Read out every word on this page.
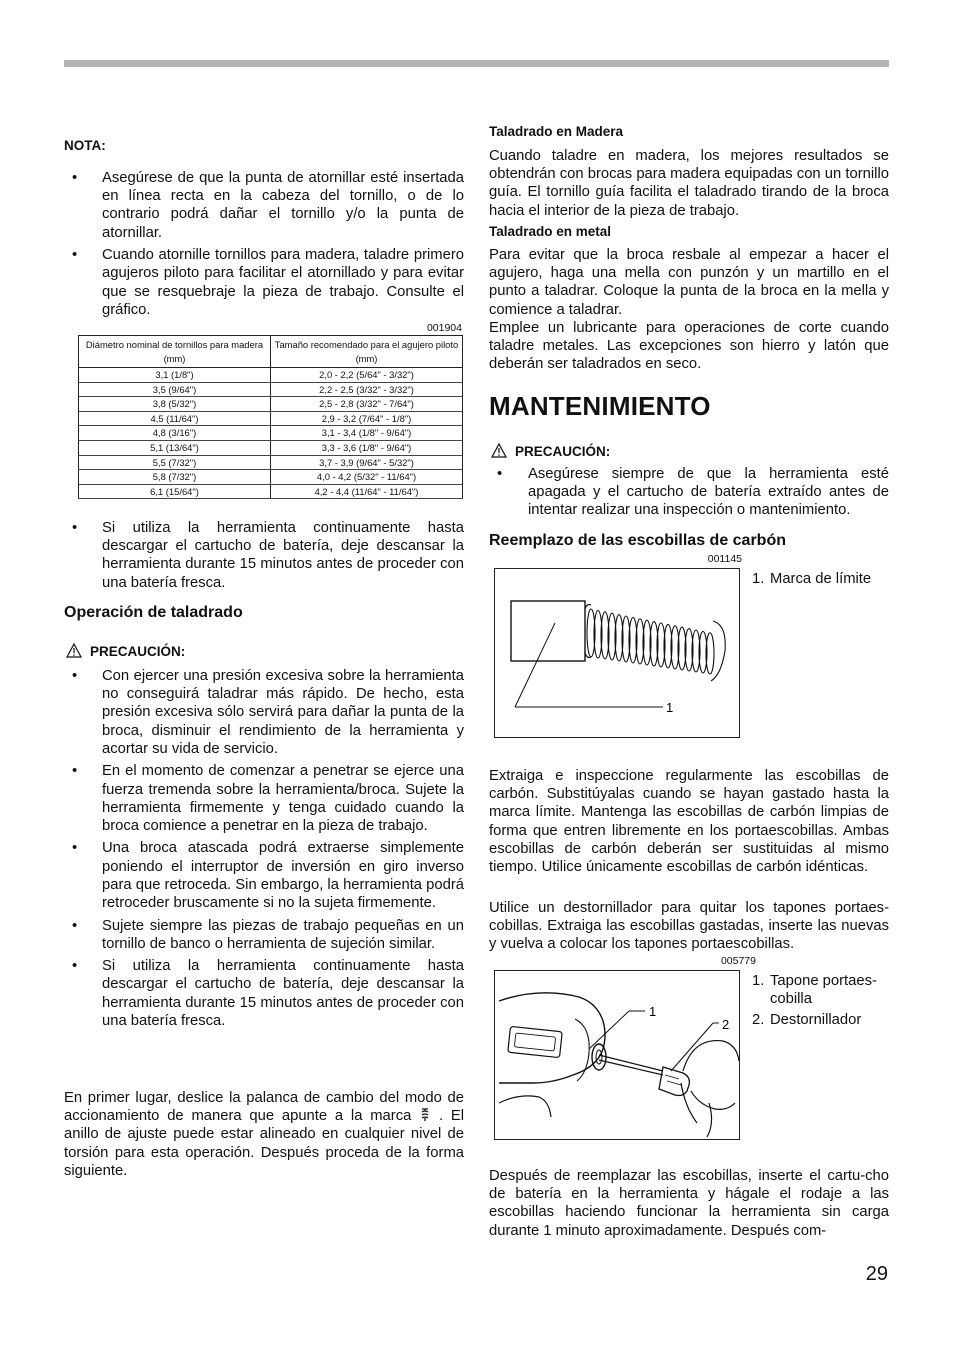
NOTA:
• Asegúrese de que la punta de atornillar esté insertada en línea recta en la cabeza del tornillo, o de lo contrario podrá dañar el tornillo y/o la punta de atornillar.
• Cuando atornille tornillos para madera, taladre primero agujeros piloto para facilitar el atornillado y para evitar que se resquebraje la pieza de trabajo. Consulte el gráfico.
001904
Diámetro nominal de tornillos para madera (mm)	Tamaño recomendado para el agujero piloto (mm)
3,1 (1/8")	2,0 - 2,2 (5/64" - 3/32")
3,5 (9/64")	2,2 - 2,5 (3/32" - 3/32")
3,8 (5/32")	2,5 - 2,8 (3/32" - 7/64")
4,5 (11/64")	2,9 - 3,2 (7/64" - 1/8")
4,8 (3/16")	3,1 - 3,4 (1/8" - 9/64")
5,1 (13/64")	3,3 - 3,6 (1/8" - 9/64")
5,5 (7/32")	3,7 - 3,9 (9/64" - 5/32")
5,8 (7/32")	4,0 - 4,2 (5/32" - 11/64")
6,1 (15/64")	4,2 - 4,4 (11/64" - 11/64")
• Si utiliza la herramienta continuamente hasta descargar el cartucho de batería, deje descansar la herramienta durante 15 minutos antes de proceder con una batería fresca.
Operación de taladrado
PRECAUCIÓN:
• Con ejercer una presión excesiva sobre la herramienta no conseguirá taladrar más rápido. De hecho, esta presión excesiva sólo servirá para dañar la punta de la broca, disminuir el rendimiento de la herramienta y acortar su vida de servicio.
• En el momento de comenzar a penetrar se ejerce una fuerza tremenda sobre la herramienta/broca. Sujete la herramienta firmemente y tenga cuidado cuando la broca comience a penetrar en la pieza de trabajo.
• Una broca atascada podrá extraerse simplemente poniendo el interruptor de inversión en giro inverso para que retroceda. Sin embargo, la herramienta podrá retroceder bruscamente si no la sujeta firmemente.
• Sujete siempre las piezas de trabajo pequeñas en un tornillo de banco o herramienta de sujeción similar.
• Si utiliza la herramienta continuamente hasta descargar el cartucho de batería, deje descansar la herramienta durante 15 minutos antes de proceder con una batería fresca.

En primer lugar, deslice la palanca de cambio del modo de accionamiento de manera que apunte a la marca . El anillo de ajuste puede estar alineado en cualquier nivel de torsión para esta operación. Después proceda de la forma siguiente.

Taladrado en Madera

Cuando taladre en madera, los mejores resultados se obtendrán con brocas para madera equipadas con un tornillo guía. El tornillo guía facilita el taladrado tirando de la broca hacia el interior de la pieza de trabajo.

Taladrado en metal

Para evitar que la broca resbale al empezar a hacer el agujero, haga una mella con punzón y un martillo en el punto a taladrar. Coloque la punta de la broca en la mella y comience a taladrar.

Emplee un lubricante para operaciones de corte cuando taladre metales. Las excepciones son hierro y latón que deberán ser taladrados en seco.

MANTENIMIENTO
PRECAUCIÓN:
• Asegúrese siempre de que la herramienta esté apagada y el cartucho de batería extraído antes de intentar realizar una inspección o mantenimiento.
Reemplazo de las escobillas de carbón
001145
1
1. Marca de límite

Extraiga e inspeccione regularmente las escobillas de carbón. Substitúyalas cuando se hayan gastado hasta la marca límite. Mantenga las escobillas de carbón limpias de forma que entren libremente en los portaescobillas. Ambas escobillas de carbón deberán ser sustituidas al mismo tiempo. Utilice únicamente escobillas de carbón idénticas.

Utilice un destornillador para quitar los tapones portaes-cobillas. Extraiga las escobillas gastadas, inserte las nuevas y vuelva a colocar los tapones portaescobillas.

005779
1
2
1. Tapone portaes-cobilla
2. Destornillador

Después de reemplazar las escobillas, inserte el cartu-cho de batería en la herramienta y hágale el rodaje a las escobillas haciendo funcionar la herramienta sin carga durante 1 minuto aproximadamente. Después com-

29
